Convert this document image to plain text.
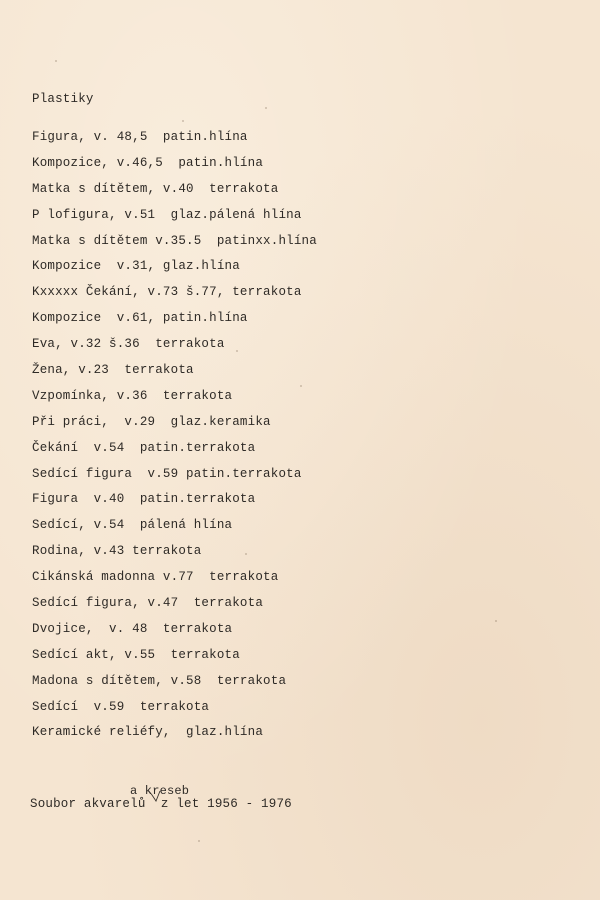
Plastiky
Figura, v. 48,5  patin.hlína
Kompozice, v.46,5  patin.hlína
Matka s dítětem, v.40  terrakota
P lofigura, v.51  glaz.pálená hlína
Matka s dítětem v.35.5  patinxx.hlína
Kompozice  v.31, glaz.hlína
Kxxxxx Čekání, v.73 š.77, terrakota
Kompozice  v.61, patin.hlína
Eva, v.32 š.36  terrakota
Žena, v.23  terrakota
Vzpomínka, v.36  terrakota
Při práci,  v.29  glaz.keramika
Čekání  v.54  patin.terrakota
Sedící figura  v.59 patin.terrakota
Figura  v.40  patin.terrakota
Sedící, v.54  pálená hlína
Rodina, v.43 terrakota
Cikánská madonna v.77  terrakota
Sedící figura, v.47  terrakota
Dvojice,  v. 48  terrakota
Sedící akt, v.55  terrakota
Madona s dítětem, v.58  terrakota
Sedící  v.59  terrakota
Keramické reliéfy,  glaz.hlína
a kreseb
Soubor akvarelů  z let 1956 - 1976
